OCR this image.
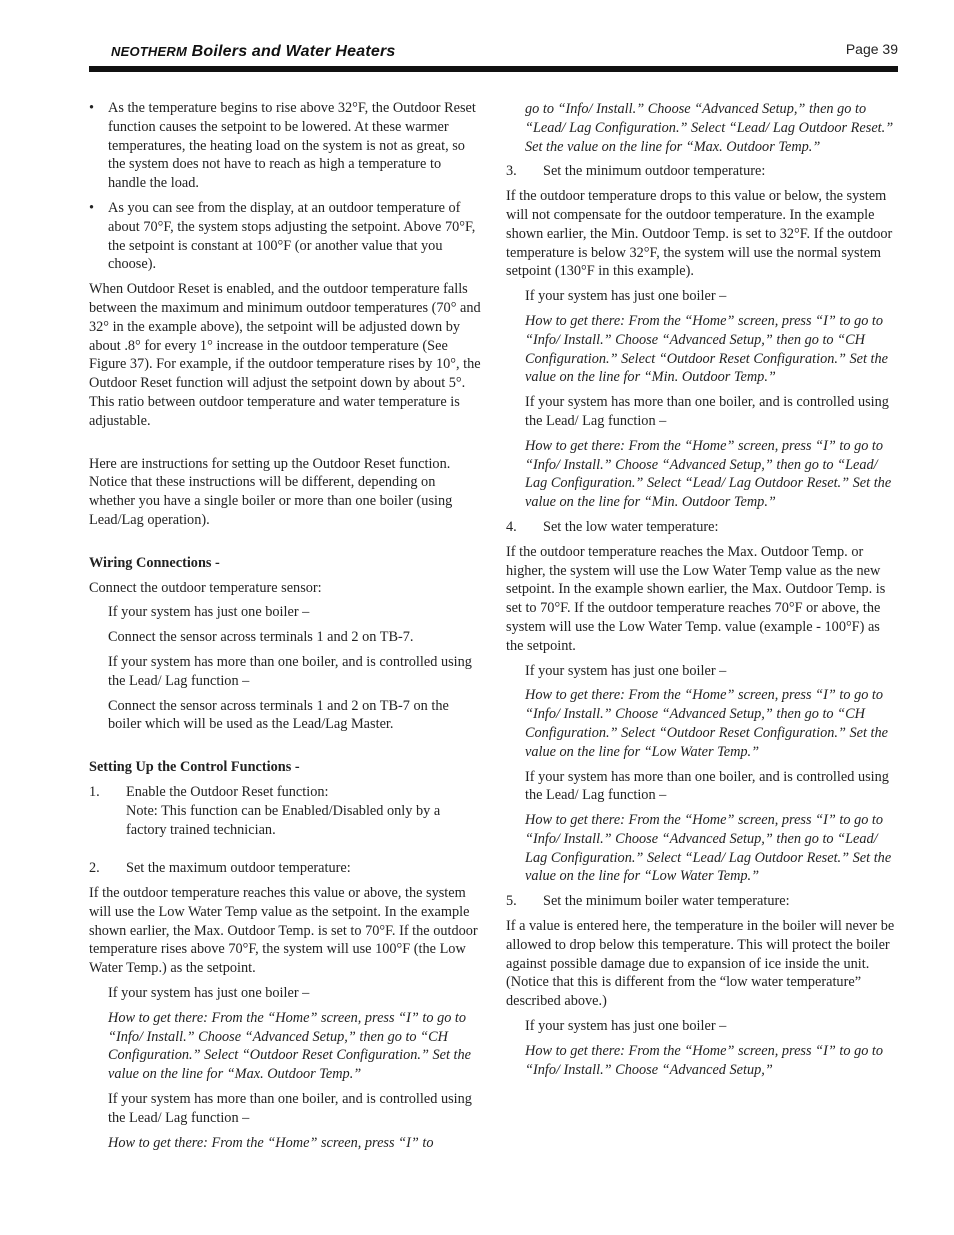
NEOTHERM Boilers and Water Heaters	Page 39
• As the temperature begins to rise above 32°F, the Outdoor Reset function causes the setpoint to be lowered. At these warmer temperatures, the heating load on the system is not as great, so the system does not have to reach as high a temperature to handle the load.
• As you can see from the display, at an outdoor temperature of about 70°F, the system stops adjusting the setpoint. Above 70°F, the setpoint is constant at 100°F (or another value that you choose).

When Outdoor Reset is enabled, and the outdoor temperature falls between the maximum and minimum outdoor temperatures (70° and 32° in the example above), the setpoint will be adjusted down by about .8° for every 1° increase in the outdoor temperature (See Figure 37). For example, if the outdoor temperature rises by 10°, the Outdoor Reset function will adjust the setpoint down by about 5°. This ratio between outdoor temperature and water temperature is adjustable.

Here are instructions for setting up the Outdoor Reset function. Notice that these instructions will be different, depending on whether you have a single boiler or more than one boiler (using Lead/Lag operation).

Wiring Connections -

Connect the outdoor temperature sensor:

If your system has just one boiler –
Connect the sensor across terminals 1 and 2 on TB-7.
If your system has more than one boiler, and is controlled using the Lead/ Lag function –
Connect the sensor across terminals 1 and 2 on TB-7 on the boiler which will be used as the Lead/Lag Master.

Setting Up the Control Functions -

1. Enable the Outdoor Reset function:
Note: This function can be Enabled/Disabled only by a factory trained technician.
2. Set the maximum outdoor temperature:

If the outdoor temperature reaches this value or above, the system will use the Low Water Temp value as the setpoint. In the example shown earlier, the Max. Outdoor Temp. is set to 70°F. If the outdoor temperature rises above 70°F, the system will use 100°F (the Low Water Temp.) as the setpoint.

If your system has just one boiler –
How to get there: From the “Home” screen, press “I” to go to “Info/ Install.” Choose “Advanced Setup,” then go to “CH Configuration.” Select “Outdoor Reset Configuration.” Set the value on the line for “Max. Outdoor Temp.”
If your system has more than one boiler, and is controlled using the Lead/ Lag function –
How to get there: From the “Home” screen, press “I” to
go to “Info/ Install.” Choose “Advanced Setup,” then go to “Lead/ Lag Configuration.” Select “Lead/ Lag Outdoor Reset.” Set the value on the line for “Max. Outdoor Temp.”
3. Set the minimum outdoor temperature:

If the outdoor temperature drops to this value or below, the system will not compensate for the outdoor temperature. In the example shown earlier, the Min. Outdoor Temp. is set to 32°F. If the outdoor temperature is below 32°F, the system will use the normal system setpoint (130°F in this example).

If your system has just one boiler –
How to get there: From the “Home” screen, press “I” to go to “Info/ Install.” Choose “Advanced Setup,” then go to “CH Configuration.” Select “Outdoor Reset Configuration.” Set the value on the line for “Min. Outdoor Temp.”
If your system has more than one boiler, and is controlled using the Lead/ Lag function –
How to get there: From the “Home” screen, press “I” to go to “Info/ Install.” Choose “Advanced Setup,” then go to “Lead/ Lag Configuration.” Select “Lead/ Lag Outdoor Reset.” Set the value on the line for “Min. Outdoor Temp.”
4. Set the low water temperature:

If the outdoor temperature reaches the Max. Outdoor Temp. or higher, the system will use the Low Water Temp value as the new setpoint. In the example shown earlier, the Max. Outdoor Temp. is set to 70°F. If the outdoor temperature reaches 70°F or above, the system will use the Low Water Temp. value (example - 100°F) as the setpoint.

If your system has just one boiler –
How to get there: From the “Home” screen, press “I” to go to “Info/ Install.” Choose “Advanced Setup,” then go to “CH Configuration.” Select “Outdoor Reset Configuration.” Set the value on the line for “Low Water Temp.”
If your system has more than one boiler, and is controlled using the Lead/ Lag function –
How to get there: From the “Home” screen, press “I” to go to “Info/ Install.” Choose “Advanced Setup,” then go to “Lead/ Lag Configuration.” Select “Lead/ Lag Outdoor Reset.” Set the value on the line for “Low Water Temp.”
5. Set the minimum boiler water temperature:

If a value is entered here, the temperature in the boiler will never be allowed to drop below this temperature. This will protect the boiler against possible damage due to expansion of ice inside the unit. (Notice that this is different from the “low water temperature” described above.)

If your system has just one boiler –
How to get there: From the “Home” screen, press “I” to go to “Info/ Install.” Choose “Advanced Setup,”
